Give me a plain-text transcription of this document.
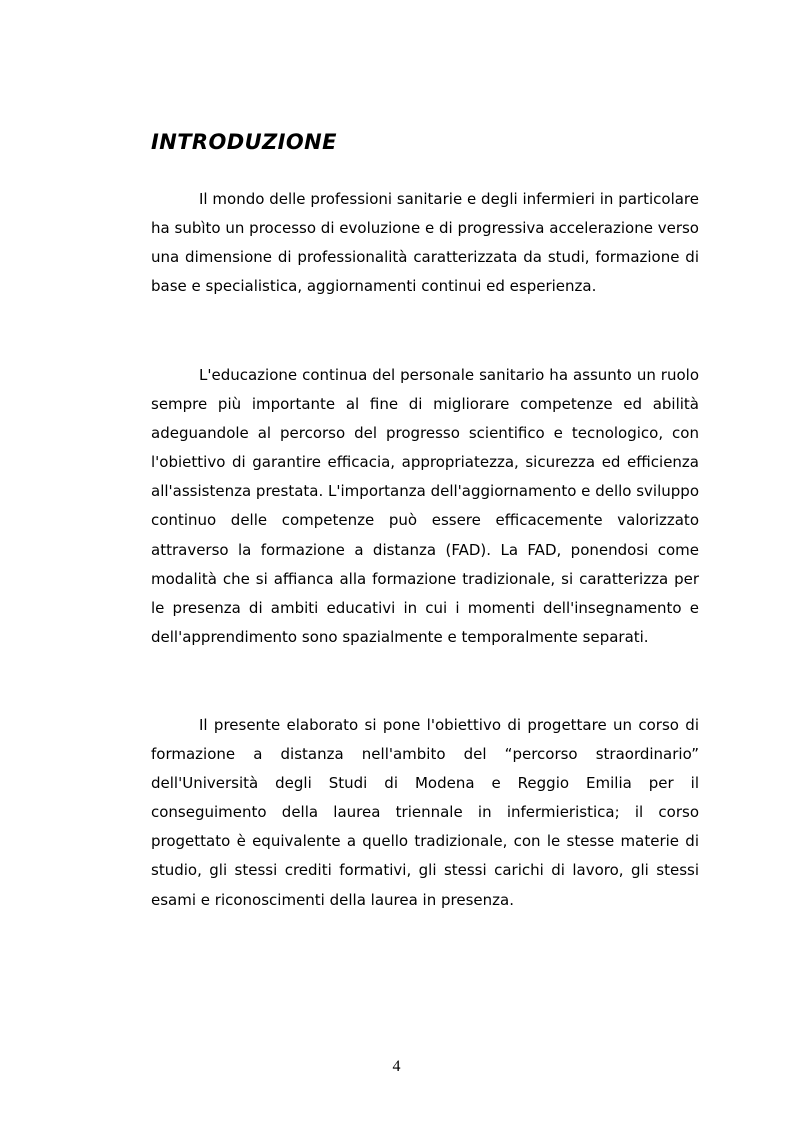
INTRODUZIONE

Il mondo delle professioni sanitarie e degli infermieri in particolare ha subìto un processo di evoluzione e di progressiva accelerazione verso una dimensione di professionalità caratterizzata da studi, formazione di base e specialistica, aggiornamenti continui ed esperienza.

L'educazione continua del personale sanitario ha assunto un ruolo sempre più importante al fine di migliorare competenze ed abilità adeguandole al percorso del progresso scientifico e tecnologico, con l'obiettivo di garantire efficacia, appropriatezza, sicurezza ed efficienza all'assistenza prestata. L'importanza dell'aggiornamento e dello sviluppo continuo delle competenze può essere efficacemente valorizzato attraverso la formazione a distanza (FAD). La FAD, ponendosi come modalità che si affianca alla formazione tradizionale, si caratterizza per le presenza di ambiti educativi in cui i momenti dell'insegnamento e dell'apprendimento sono spazialmente e temporalmente separati.

Il presente elaborato si pone l'obiettivo di progettare un corso di formazione a distanza nell'ambito del “percorso straordinario” dell'Università degli Studi di Modena e Reggio Emilia per il conseguimento della laurea triennale in infermieristica; il corso progettato è equivalente a quello tradizionale, con le stesse materie di studio, gli stessi crediti formativi, gli stessi carichi di lavoro, gli stessi esami e riconoscimenti della laurea in presenza.

4
